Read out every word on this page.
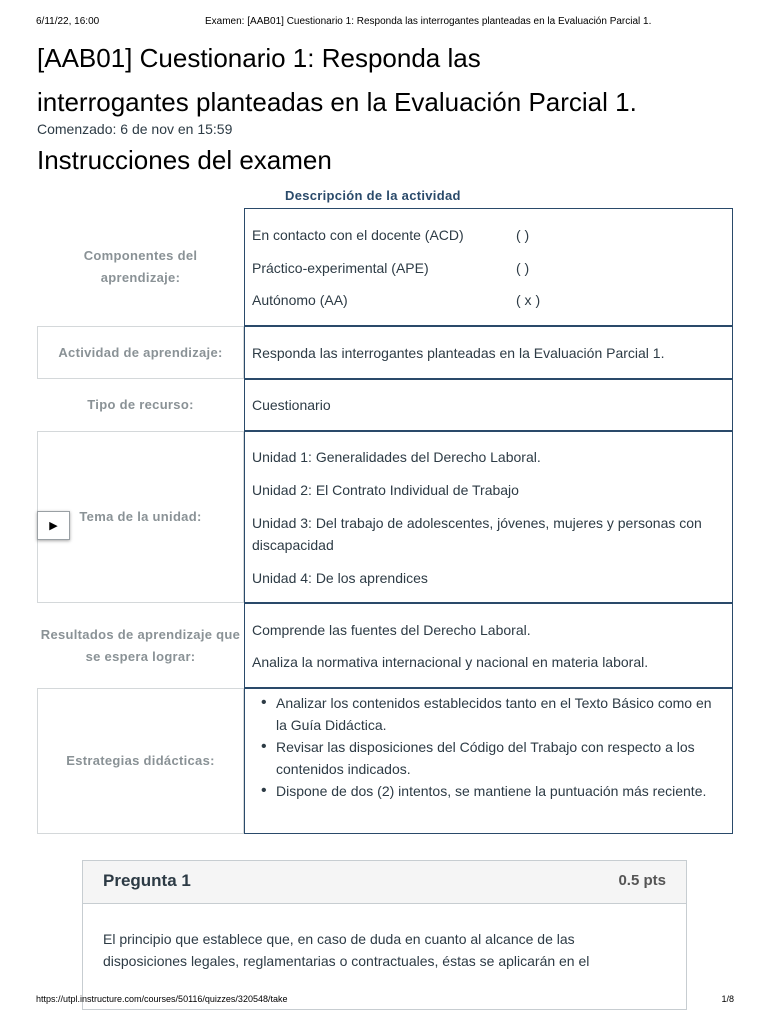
6/11/22, 16:00	Examen: [AAB01] Cuestionario 1: Responda las interrogantes planteadas en la Evaluación Parcial 1.
[AAB01] Cuestionario 1: Responda las
interrogantes planteadas en la Evaluación Parcial 1.
Comenzado: 6 de nov en 15:59
Instrucciones del examen
Descripción de la actividad
Componentes del aprendizaje:
En contacto con el docente (ACD)	( )
Práctico-experimental (APE)	( )
Autónomo (AA)	( x )
Actividad de aprendizaje:	Responda las interrogantes planteadas en la Evaluación Parcial 1.
Tipo de recurso:	Cuestionario
Tema de la unidad:
Unidad 1: Generalidades del Derecho Laboral.
Unidad 2: El Contrato Individual de Trabajo
Unidad 3: Del trabajo de adolescentes, jóvenes, mujeres y personas con discapacidad
Unidad 4: De los aprendices
Resultados de aprendizaje que se espera lograr:
Comprende las fuentes del Derecho Laboral.
Analiza la normativa internacional y nacional en materia laboral.
Estrategias didácticas:
• Analizar los contenidos establecidos tanto en el Texto Básico como en la Guía Didáctica.
• Revisar las disposiciones del Código del Trabajo con respecto a los contenidos indicados.
• Dispone de dos (2) intentos, se mantiene la puntuación más reciente.
▶
Pregunta 1	0.5 pts
El principio que establece que, en caso de duda en cuanto al alcance de las disposiciones legales, reglamentarias o contractuales, éstas se aplicarán en el
https://utpl.instructure.com/courses/50116/quizzes/320548/take	1/8
